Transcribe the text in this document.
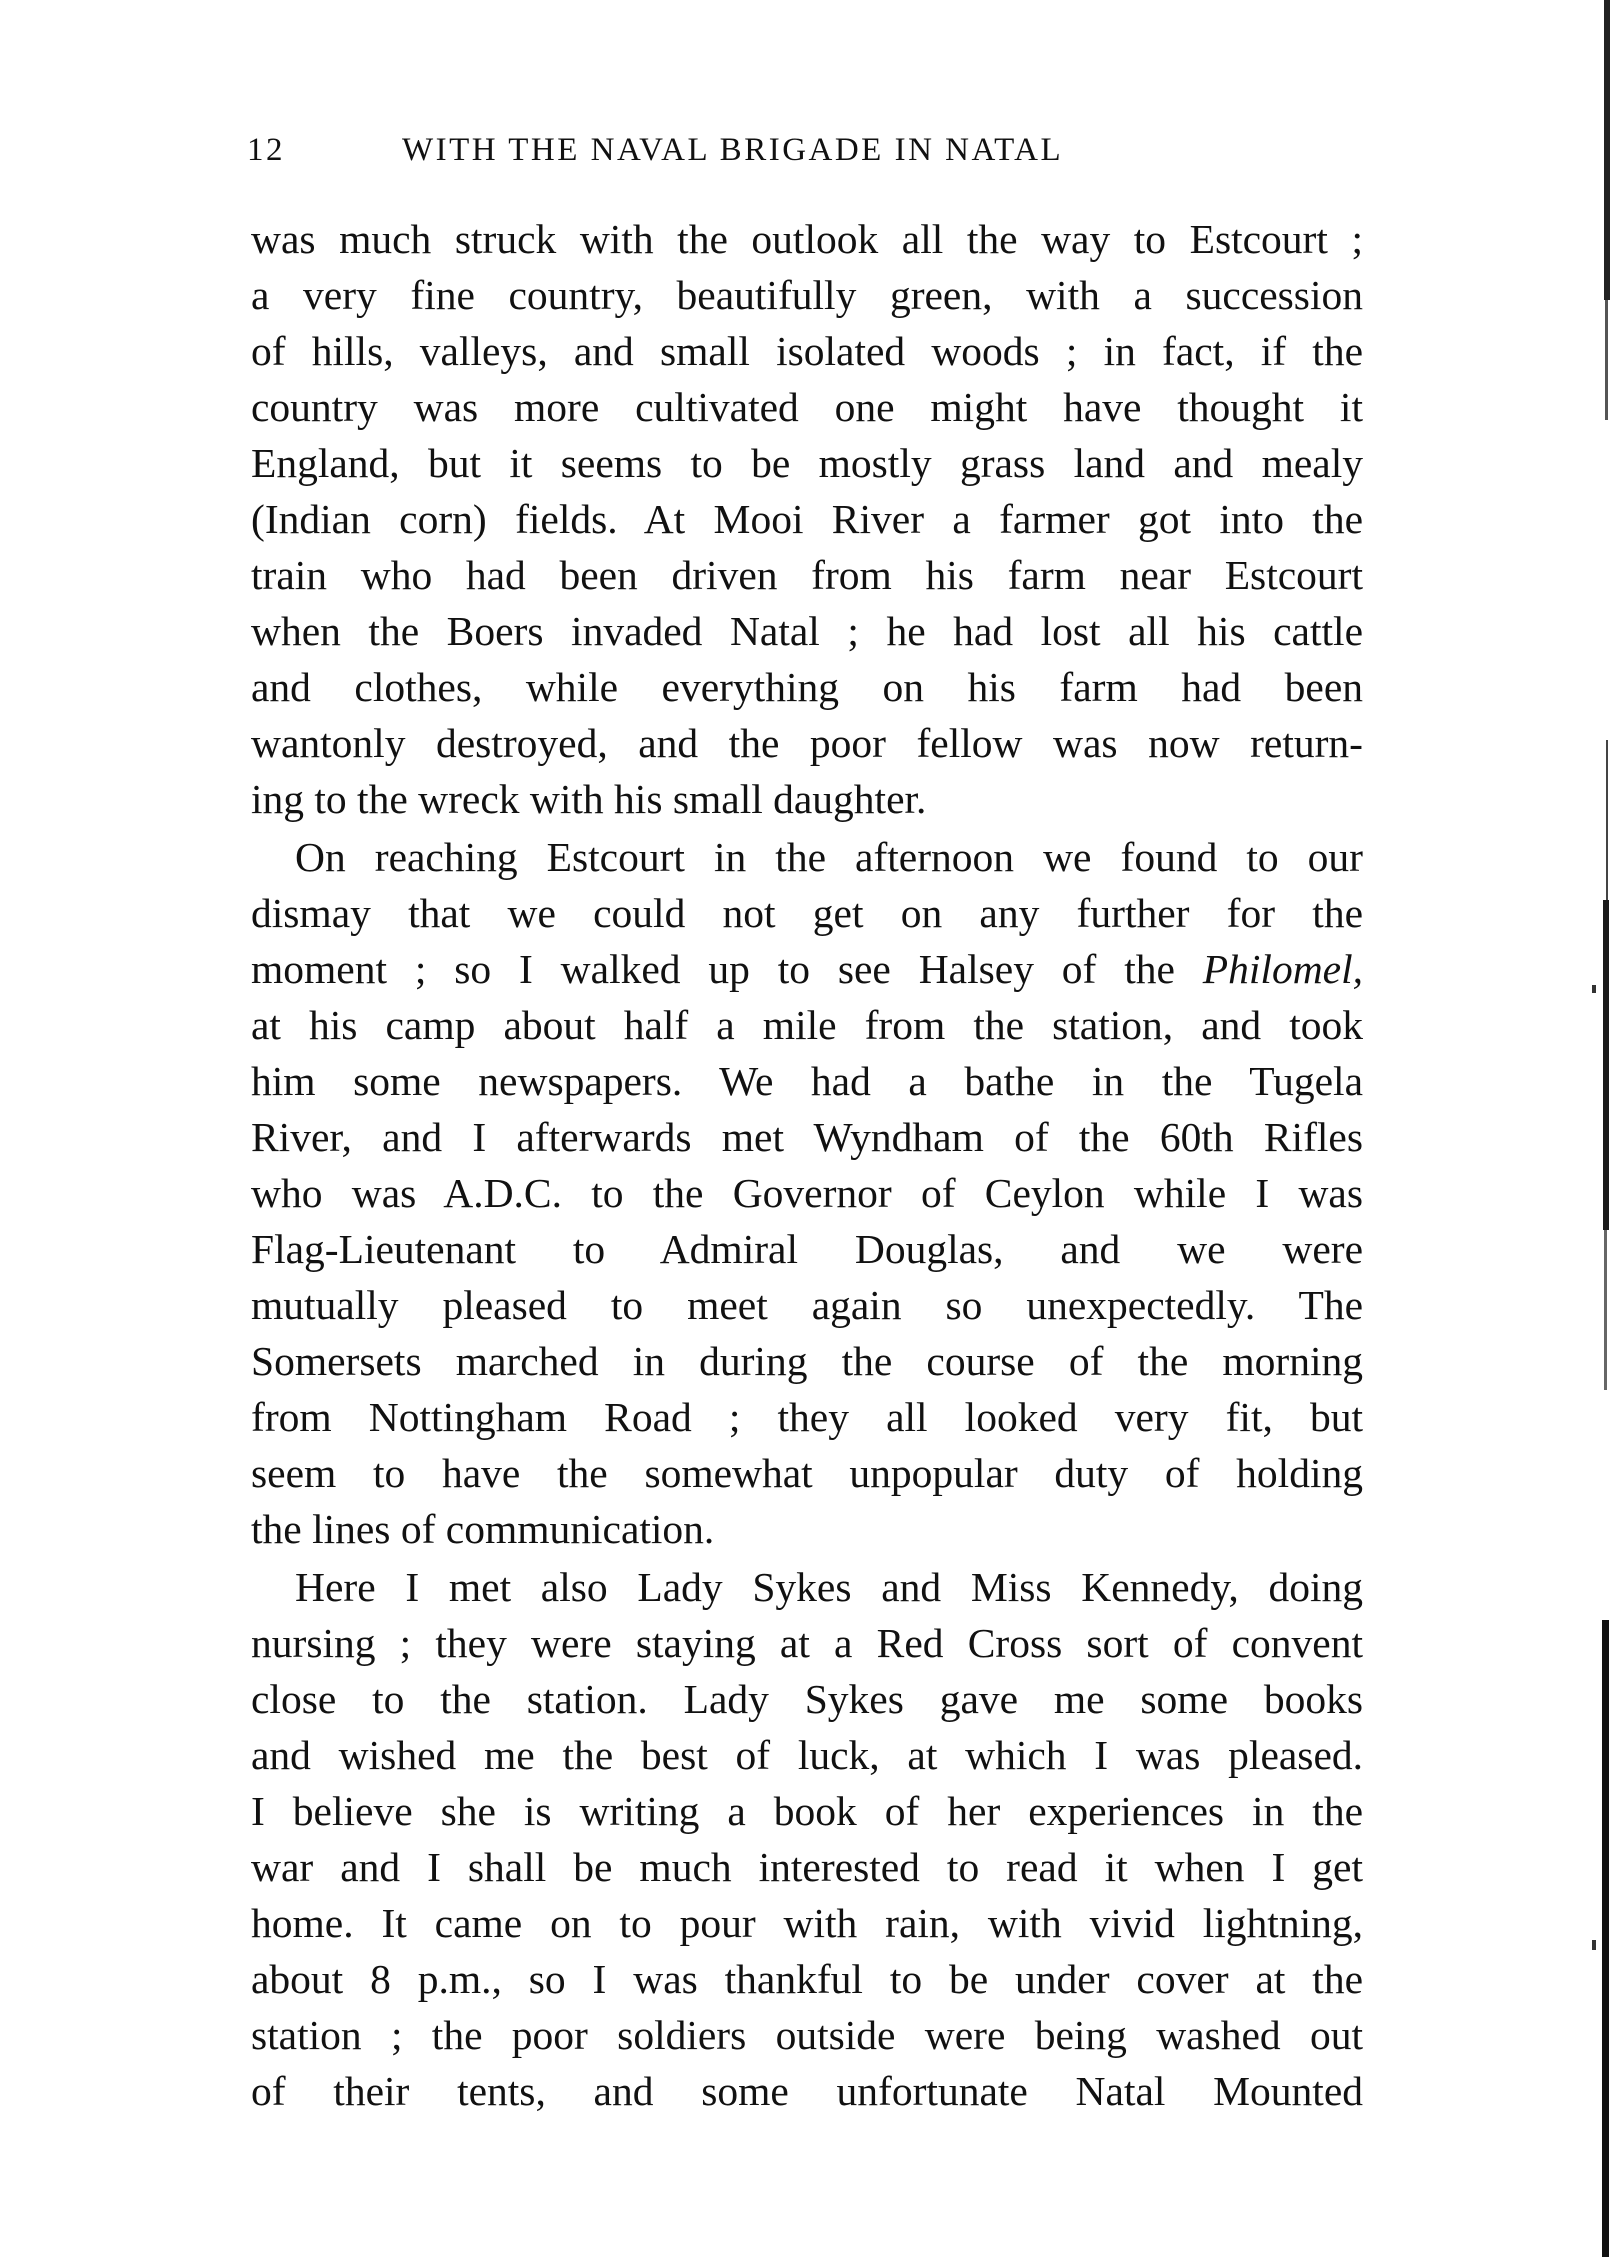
12	WITH THE NAVAL BRIGADE IN NATAL
was much struck with the outlook all the way to Estcourt ;
a very fine country, beautifully green, with a succession
of hills, valleys, and small isolated woods ; in fact, if the
country was more cultivated one might have thought it
England, but it seems to be mostly grass land and mealy
(Indian corn) fields. At Mooi River a farmer got into the
train who had been driven from his farm near Estcourt
when the Boers invaded Natal ; he had lost all his cattle
and clothes, while everything on his farm had been
wantonly destroyed, and the poor fellow was now return-
ing to the wreck with his small daughter.
On reaching Estcourt in the afternoon we found to our
dismay that we could not get on any further for the
moment ; so I walked up to see Halsey of the Philomel,
at his camp about half a mile from the station, and took
him some newspapers. We had a bathe in the Tugela
River, and I afterwards met Wyndham of the 60th Rifles
who was A.D.C. to the Governor of Ceylon while I was
Flag-Lieutenant to Admiral Douglas, and we were
mutually pleased to meet again so unexpectedly. The
Somersets marched in during the course of the morning
from Nottingham Road ; they all looked very fit, but
seem to have the somewhat unpopular duty of holding
the lines of communication.
Here I met also Lady Sykes and Miss Kennedy, doing
nursing ; they were staying at a Red Cross sort of convent
close to the station. Lady Sykes gave me some books
and wished me the best of luck, at which I was pleased.
I believe she is writing a book of her experiences in the
war and I shall be much interested to read it when I get
home. It came on to pour with rain, with vivid lightning,
about 8 p.m., so I was thankful to be under cover at the
station ; the poor soldiers outside were being washed out
of their tents, and some unfortunate Natal Mounted
